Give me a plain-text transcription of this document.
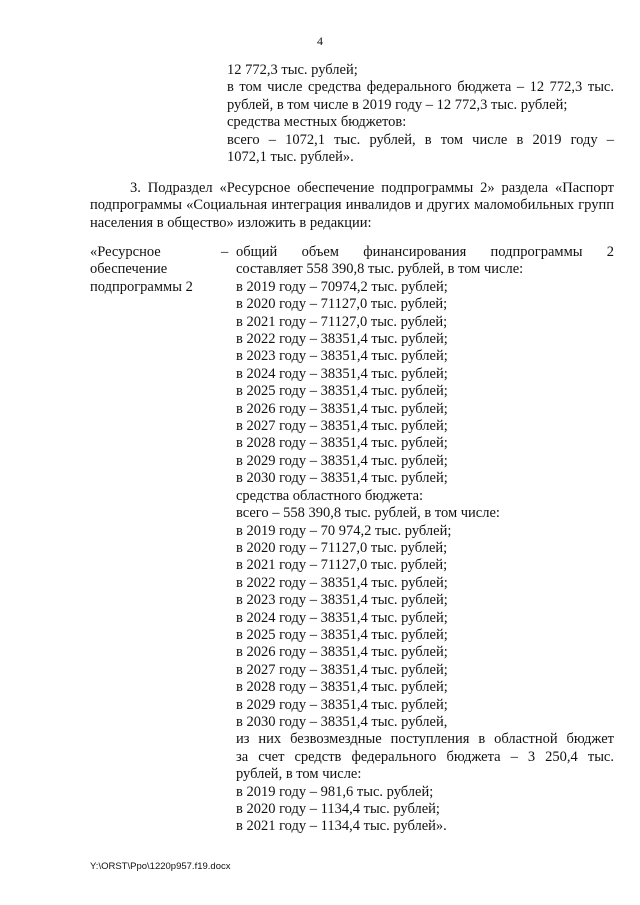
4
12 772,3 тыс. рублей;
в том числе средства федерального бюджета – 12 772,3 тыс.
рублей, в том числе в 2019 году – 12 772,3 тыс. рублей;
средства местных бюджетов:
всего – 1072,1 тыс. рублей, в том числе в 2019 году –
1072,1 тыс. рублей».
3. Подраздел «Ресурсное обеспечение подпрограммы 2» раздела «Паспорт подпрограммы «Социальная интеграция инвалидов и других маломобильных групп населения в общество» изложить в редакции:
«Ресурсное
обеспечение
подпрограммы 2
– общий объем финансирования подпрограммы 2
составляет 558 390,8 тыс. рублей, в том числе:
в 2019 году – 70974,2 тыс. рублей;
в 2020 году – 71127,0 тыс. рублей;
в 2021 году – 71127,0 тыс. рублей;
в 2022 году – 38351,4 тыс. рублей;
в 2023 году – 38351,4 тыс. рублей;
в 2024 году – 38351,4 тыс. рублей;
в 2025 году – 38351,4 тыс. рублей;
в 2026 году – 38351,4 тыс. рублей;
в 2027 году – 38351,4 тыс. рублей;
в 2028 году – 38351,4 тыс. рублей;
в 2029 году – 38351,4 тыс. рублей;
в 2030 году – 38351,4 тыс. рублей;
средства областного бюджета:
всего – 558 390,8 тыс. рублей, в том числе:
в 2019 году – 70 974,2 тыс. рублей;
в 2020 году – 71127,0 тыс. рублей;
в 2021 году – 71127,0 тыс. рублей;
в 2022 году – 38351,4 тыс. рублей;
в 2023 году – 38351,4 тыс. рублей;
в 2024 году – 38351,4 тыс. рублей;
в 2025 году – 38351,4 тыс. рублей;
в 2026 году – 38351,4 тыс. рублей;
в 2027 году – 38351,4 тыс. рублей;
в 2028 году – 38351,4 тыс. рублей;
в 2029 году – 38351,4 тыс. рублей;
в 2030 году – 38351,4 тыс. рублей,
из них безвозмездные поступления в областной бюджет
за счет средств федерального бюджета – 3 250,4 тыс.
рублей, в том числе:
в 2019 году – 981,6 тыс. рублей;
в 2020 году – 1134,4 тыс. рублей;
в 2021 году – 1134,4 тыс. рублей».
Y:\ORST\Ppo\1220p957.f19.docx
